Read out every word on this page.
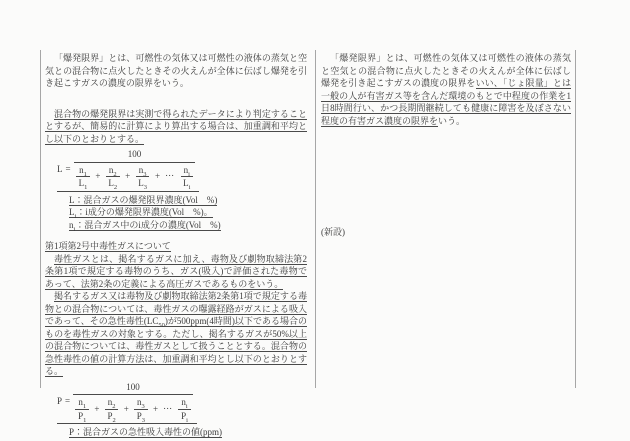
「爆発限界」とは、可燃性の気体又は可燃性の液体の蒸気と空気との混合物に点火したときその火えんが全体に伝ばし爆発を引き起こすガスの濃度の限界をいう。

混合物の爆発限界は実測で得られたデータにより判定することとするが、簡易的に計算により算出する場合は、加重調和平均とし以下のとおりとする。

L =
100
$n_1$
$L_1$
+ $\frac{n_2}{L_2} + \frac{n_3}{L_3}$ + … $n_i$
$L_i$
L：混合ガスの爆発限界濃度(Vol　%)
$L_i$：i成分の爆発限界濃度(Vol　%)。
$n_i$：混合ガス中のi成分の濃度(Vol　%)

第1項第2号中毒性ガスについて

毒性ガスとは、掲名するガスに加え、毒物及び劇物取締法第2条第1項で規定する毒物のうち、ガス(吸入)で評価された毒物であって、法第2条の定義による高圧ガスであるものをいう。

掲名するガス又は毒物及び劇物取締法第2条第1項で規定する毒物との混合物については、毒性ガスの曝露経路がガスによる吸入であって、その急性毒性$(LC_{50})$が500ppm(4時間)以下である場合のものを毒性ガスの対象とする。ただし、掲名するガスが50%以上の混合物については、毒性ガスとして扱うこととする。混合物の急性毒性の値の計算方法は、加重調和平均とし以下のとおりとする。

P =
100
$n_1$
$P_1$
+ $\frac{n_2}{P_2} + \frac{n_3}{P_3}$ + … $n_i$
$P_i$
P：混合ガスの急性吸入毒性の値(ppm)

「爆発限界」とは、可燃性の気体又は可燃性の液体の蒸気と空気との混合物に点火したときその火えんが全体に伝ばし爆発を引き起こすガスの濃度の限界をいい、「じょ限量」とは一般の人が有害ガス等を含んだ環境のもとで中程度の作業を1日8時間行い、かつ長期間継続しても健康に障害を及ぼさない程度の有害ガス濃度の限界をいう。

(新設)
